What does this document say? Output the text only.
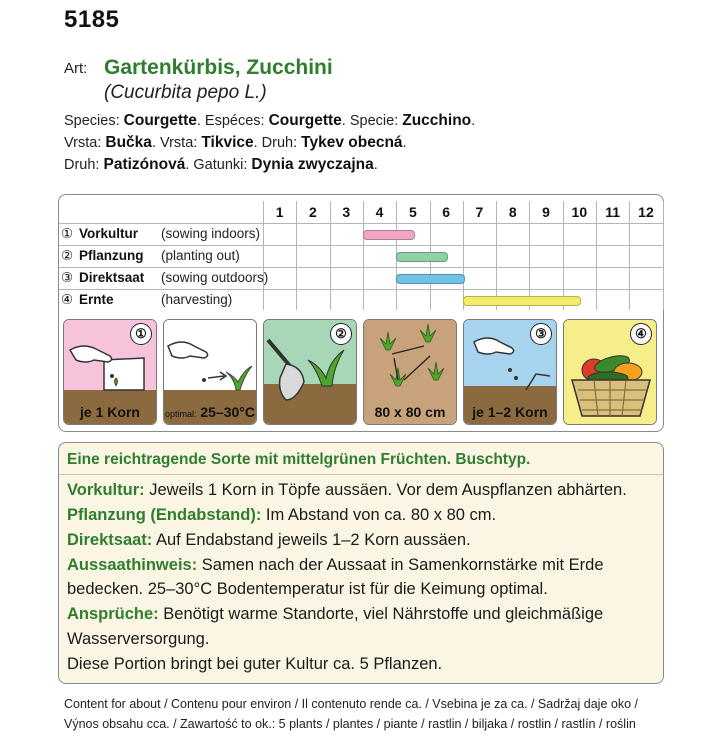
5185
Art: Gartenkürbis, Zucchini
(Cucurbita pepo L.)
Species: Courgette. Espéces: Courgette. Specie: Zucchino.
Vrsta: Bučka. Vrsta: Tikvice. Druh: Tykev obecná.
Druh: Patizónová. Gatunki: Dynia zwyczajna.
1	2	3	4	5	6	7	8	9	10	11	12
① Vorkultur (sowing indoors)
② Pflanzung (planting out)
③ Direktsaat (sowing outdoors)
④ Ernte	(harvesting)
①
je 1 Korn	optimal: 25–30°C
②
80 x 80 cm
③
je 1–2 Korn
④
Eine reichtragende Sorte mit mittelgrünen Früchten. Buschtyp.
Vorkultur: Jeweils 1 Korn in Töpfe aussäen. Vor dem Auspflanzen abhärten.
Pflanzung (Endabstand): Im Abstand von ca. 80 x 80 cm.
Direktsaat: Auf Endabstand jeweils 1–2 Korn aussäen.
Aussaathinweis: Samen nach der Aussaat in Samenkornstärke mit Erde
bedecken. 25–30°C Bodentemperatur ist für die Keimung optimal.
Ansprüche: Benötigt warme Standorte, viel Nährstoffe und gleichmäßige
Wasserversorgung.
Diese Portion bringt bei guter Kultur ca. 5 Pflanzen.
Content for about / Contenu pour environ / Il contenuto rende ca. / Vsebina je za ca. / Sadržaj daje oko /
Výnos obsahu cca. / Zawartość to ok.: 5 plants / plantes / piante / rastlin / biljaka / rostlin / rastlín / roślin
